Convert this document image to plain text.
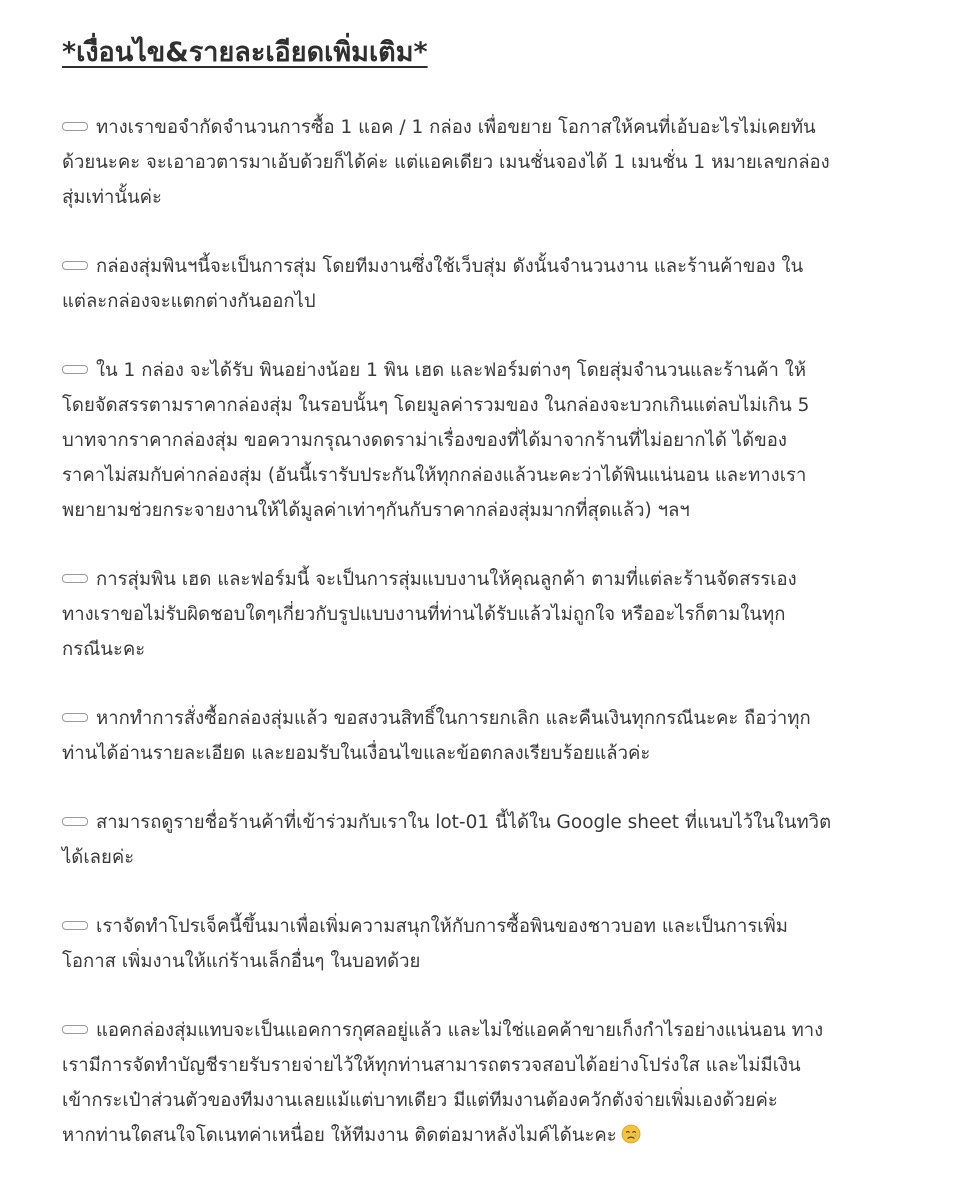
*เงื่อนไข&รายละเอียดเพิ่มเติม*
ทางเราขอจำกัดจำนวนการซื้อ 1 แอค / 1 กล่อง เพื่อขยาย โอกาสให้คนที่เอ้บอะไรไม่เคยทัน
ด้วยนะคะ จะเอาอวตารมาเอ้บด้วยก็ได้ค่ะ แต่แอคเดียว เมนชั่นจองได้ 1 เมนชั่น 1 หมายเลขกล่อง
สุ่มเท่านั้นค่ะ
กล่องสุ่มพินฯนี้จะเป็นการสุ่ม โดยทีมงานซึ่งใช้เว็บสุ่ม ดังนั้นจำนวนงาน และร้านค้าของ ใน
แต่ละกล่องจะแตกต่างกันออกไป
ใน 1 กล่อง จะได้รับ พินอย่างน้อย 1 พิน เฮด และฟอร์มต่างๆ โดยสุ่มจำนวนและร้านค้า ให้
โดยจัดสรรตามราคากล่องสุ่ม ในรอบนั้นๆ โดยมูลค่ารวมของ ในกล่องจะบวกเกินแต่ลบไม่เกิน 5
บาทจากราคากล่องสุ่ม ขอความกรุณางดดราม่าเรื่องของที่ได้มาจากร้านที่ไม่อยากได้ ได้ของ
ราคาไม่สมกับค่ากล่องสุ่ม (อันนี้เรารับประกันให้ทุกกล่องแล้วนะคะว่าได้พินแน่นอน และทางเรา
พยายามช่วยกระจายงานให้ได้มูลค่าเท่าๆกันกับราคากล่องสุ่มมากที่สุดแล้ว) ฯลฯ
การสุ่มพิน เฮด และฟอร์มนี้ จะเป็นการสุ่มแบบงานให้คุณลูกค้า ตามที่แต่ละร้านจัดสรรเอง
ทางเราขอไม่รับผิดชอบใดๆเกี่ยวกับรูปแบบงานที่ท่านได้รับแล้วไม่ถูกใจ หรืออะไรก็ตามในทุก
กรณีนะคะ
หากทำการสั่งซื้อกล่องสุ่มแล้ว ขอสงวนสิทธิ์ในการยกเลิก และคืนเงินทุกกรณีนะคะ ถือว่าทุก
ท่านได้อ่านรายละเอียด และยอมรับในเงื่อนไขและข้อตกลงเรียบร้อยแล้วค่ะ
สามารถดูรายชื่อร้านค้าที่เข้าร่วมกับเราใน lot-01 นี้ได้ใน Google sheet ที่แนบไว้ในในทวิต
ได้เลยค่ะ
เราจัดทำโปรเจ็คนี้ขึ้นมาเพื่อเพิ่มความสนุกให้กับการซื้อพินของชาวบอท และเป็นการเพิ่ม
โอกาส เพิ่มงานให้แก่ร้านเล็กอื่นๆ ในบอทด้วย
แอคกล่องสุ่มแทบจะเป็นแอคการกุศลอยู่แล้ว และไม่ใช่แอคค้าขายเก็งกำไรอย่างแน่นอน ทาง
เรามีการจัดทำบัญชีรายรับรายจ่ายไว้ให้ทุกท่านสามารถตรวจสอบได้อย่างโปร่งใส และไม่มีเงิน
เข้ากระเป๋าส่วนตัวของทีมงานเลยแม้แต่บาทเดียว มีแต่ทีมงานต้องควักตังจ่ายเพิ่มเองด้วยค่ะ
หากท่านใดสนใจโดเนทค่าเหนื่อย ให้ทีมงาน ติดต่อมาหลังไมค์ได้นะคะ
